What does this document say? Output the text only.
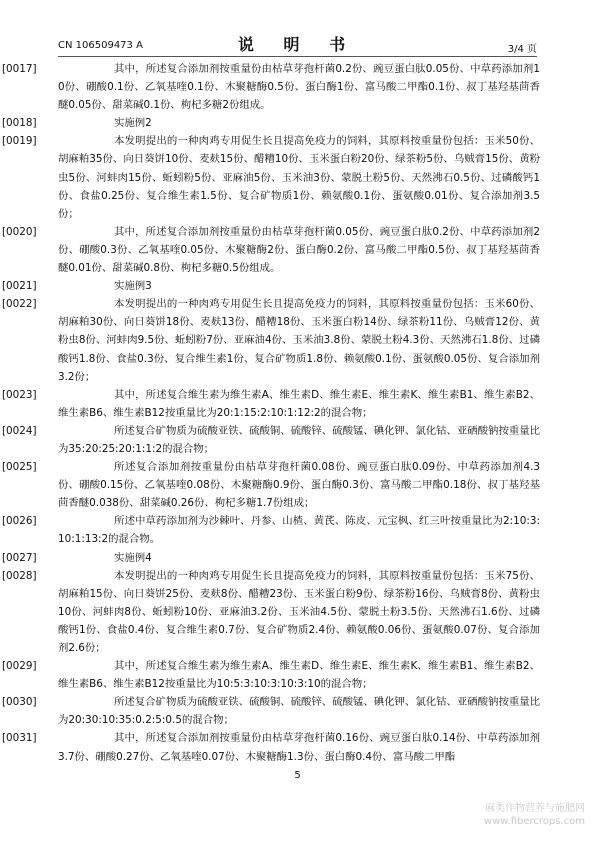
CN 106509473 A	说 明 书	3/4 页
[0017]	其中，所述复合添加剂按重量份由枯草芽孢杆菌0.2份、豌豆蛋白肽0.05份、中草药添加剂10份、硼酸0.1份、乙氧基喹0.1份、木聚糖酶0.5份、蛋白酶1份、富马酸二甲酯0.1份、叔丁基羟基茴香醚0.05份、甜菜碱0.1份、枸杞多糖2份组成。
[0018]	实施例2
[0019]	本发明提出的一种肉鸡专用促生长且提高免疫力的饲料，其原料按重量份包括：玉米50份、胡麻粕35份、向日葵饼10份、麦麸15份、醋糟10份、玉米蛋白粉20份、绿茶粉5份、乌贼膏15份、黄粉虫5份、河蚌肉15份、蚯蚓粉5份、亚麻油5份、玉米油3份、蒙脱土粉5份、天然沸石0.5份、过磷酸钙1份、食盐0.25份、复合维生素1.5份、复合矿物质1份、赖氨酸0.1份、蛋氨酸0.01份、复合添加剂3.5份；
[0020]	其中，所述复合添加剂按重量份由枯草芽孢杆菌0.05份、豌豆蛋白肽0.2份、中草药添加剂2份、硼酸0.3份、乙氧基喹0.05份、木聚糖酶2份、蛋白酶0.2份、富马酸二甲酯0.5份、叔丁基羟基茴香醚0.01份、甜菜碱0.8份、枸杞多糖0.5份组成。
[0021]	实施例3
[0022]	本发明提出的一种肉鸡专用促生长且提高免疫力的饲料，其原料按重量份包括：玉米60份、胡麻粕30份、向日葵饼18份、麦麸13份、醋糟18份、玉米蛋白粉14份、绿茶粉11份、乌贼膏12份、黄粉虫8份、河蚌肉9.5份、蚯蚓粉7份、亚麻油4份、玉米油3.8份、蒙脱土粉4.3份、天然沸石1.8份、过磷酸钙1.8份、食盐0.3份、复合维生素1份、复合矿物质1.8份、赖氨酸0.1份、蛋氨酸0.05份、复合添加剂3.2份；
[0023]	其中，所述复合维生素为维生素A、维生素D、维生素E、维生素K、维生素B1、维生素B2、维生素B6、维生素B12按重量比为20:1:15:2:10:1:12:2的混合物；
[0024]	所述复合矿物质为硫酸亚铁、硫酸铜、硫酸锌、硫酸锰、碘化钾、氯化钴、亚硒酸钠按重量比为35:20:25:20:1:1:2的混合物；
[0025]	所述复合添加剂按重量份由枯草芽孢杆菌0.08份、豌豆蛋白肽0.09份、中草药添加剂4.3份、硼酸0.15份、乙氧基喹0.08份、木聚糖酶0.9份、蛋白酶0.3份、富马酸二甲酯0.18份、叔丁基羟基茴香醚0.038份、甜菜碱0.26份、枸杞多糖1.7份组成；
[0026]	所述中草药添加剂为沙棘叶、丹参、山楂、黄芪、陈皮、元宝枫、红三叶按重量比为2:10:3:10:1:13:2的混合物。
[0027]	实施例4
[0028]	本发明提出的一种肉鸡专用促生长且提高免疫力的饲料，其原料按重量份包括：玉米75份、胡麻粕15份、向日葵饼25份、麦麸8份、醋糟23份、玉米蛋白粉9份、绿茶粉16份、乌贼膏8份、黄粉虫10份、河蚌肉8份、蚯蚓粉10份、亚麻油3.2份、玉米油4.5份、蒙脱土粉3.5份、天然沸石1.6份、过磷酸钙1份、食盐0.4份、复合维生素0.7份、复合矿物质2.4份、赖氨酸0.06份、蛋氨酸0.07份、复合添加剂2.6份；
[0029]	其中，所述复合维生素为维生素A、维生素D、维生素E、维生素K、维生素B1、维生素B2、维生素B6、维生素B12按重量比为10:5:3:10:3:10:3:10的混合物；
[0030]	所述复合矿物质为硫酸亚铁、硫酸铜、硫酸锌、硫酸锰、碘化钾、氯化钴、亚硒酸钠按重量比为20:30:10:35:0.2:5:0.5的混合物；
[0031]	其中，所述复合添加剂按重量份由枯草芽孢杆菌0.16份、豌豆蛋白肽0.14份、中草药添加剂3.7份、硼酸0.27份、乙氧基喹0.07份、木聚糖酶1.3份、蛋白酶0.4份、富马酸二甲酯
5
麻类作物营养与施肥网
www.fibercrops.com
